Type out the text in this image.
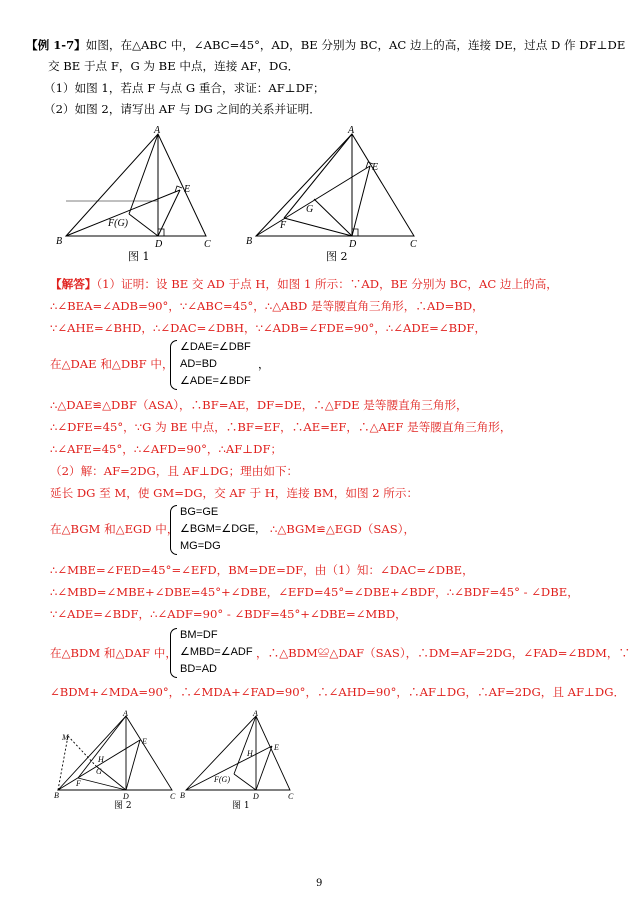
【例 1-7】如图，在△ABC 中，∠ABC=45°，AD，BE 分别为 BC，AC 边上的高，连接 DE，过点 D 作 DF⊥DE
交 BE 于点 F，G 为 BE 中点，连接 AF，DG．
（1）如图 1，若点 F 与点 G 重合，求证：AF⊥DF；
（2）如图 2，请写出 AF 与 DG 之间的关系并证明．
A
E
F(G)
B	D	C
图 1
A
E
G
F
B	D	C
图 2
【解答】（1）证明：设 BE 交 AD 于点 H，如图 1 所示：∵AD，BE 分别为 BC，AC 边上的高，
∴∠BEA=∠ADB=90°，∵∠ABC=45°，∴△ABD 是等腰直角三角形，∴AD=BD，
∵∠AHE=∠BHD，∴∠DAC=∠DBH，∵∠ADB=∠FDE=90°，∴∠ADE=∠BDF，
在△DAE 和△DBF 中，
∠DAE=∠DBF
AD=BD
∠ADE=∠BDF
，
∴△DAE≌△DBF（ASA），∴BF=AE，DF=DE，∴△FDE 是等腰直角三角形，
∴∠DFE=45°，∵G 为 BE 中点，∴BF=EF，∴AE=EF，∴△AEF 是等腰直角三角形，
∴∠AFE=45°，∴∠AFD=90°，∴AF⊥DF；
（2）解：AF=2DG，且 AF⊥DG；理由如下：
延长 DG 至 M，使 GM=DG，交 AF 于 H，连接 BM，如图 2 所示：
在△BGM 和△EGD 中，
BG=GE
∠BGM=∠DGE，
MG=DG
∴△BGM≌△EGD（SAS），
∴∠MBE=∠FED=45°=∠EFD，BM=DE=DF，由（1）知：∠DAC=∠DBE，
∴∠MBD=∠MBE+∠DBE=45°+∠DBE，∠EFD=45°=∠DBE+∠BDF，∴∠BDF=45° - ∠DBE，
∵∠ADE=∠BDF，∴∠ADF=90° - ∠BDF=45°+∠DBE=∠MBD，
在△BDM 和△DAF 中，
BM=DF
∠MBD=∠ADF
BD=AD
，∴△BDM≌△DAF（SAS），∴DM=AF=2DG，∠FAD=∠BDM，∵
∠BDM+∠MDA=90°，∴∠MDA+∠FAD=90°，∴∠AHD=90°，∴AF⊥DG，∴AF=2DG，且 AF⊥DG．
M
A
E
H
G
F
B	D	C
图 2
A
H
E
F(G)
B	D	C
图 1
9
